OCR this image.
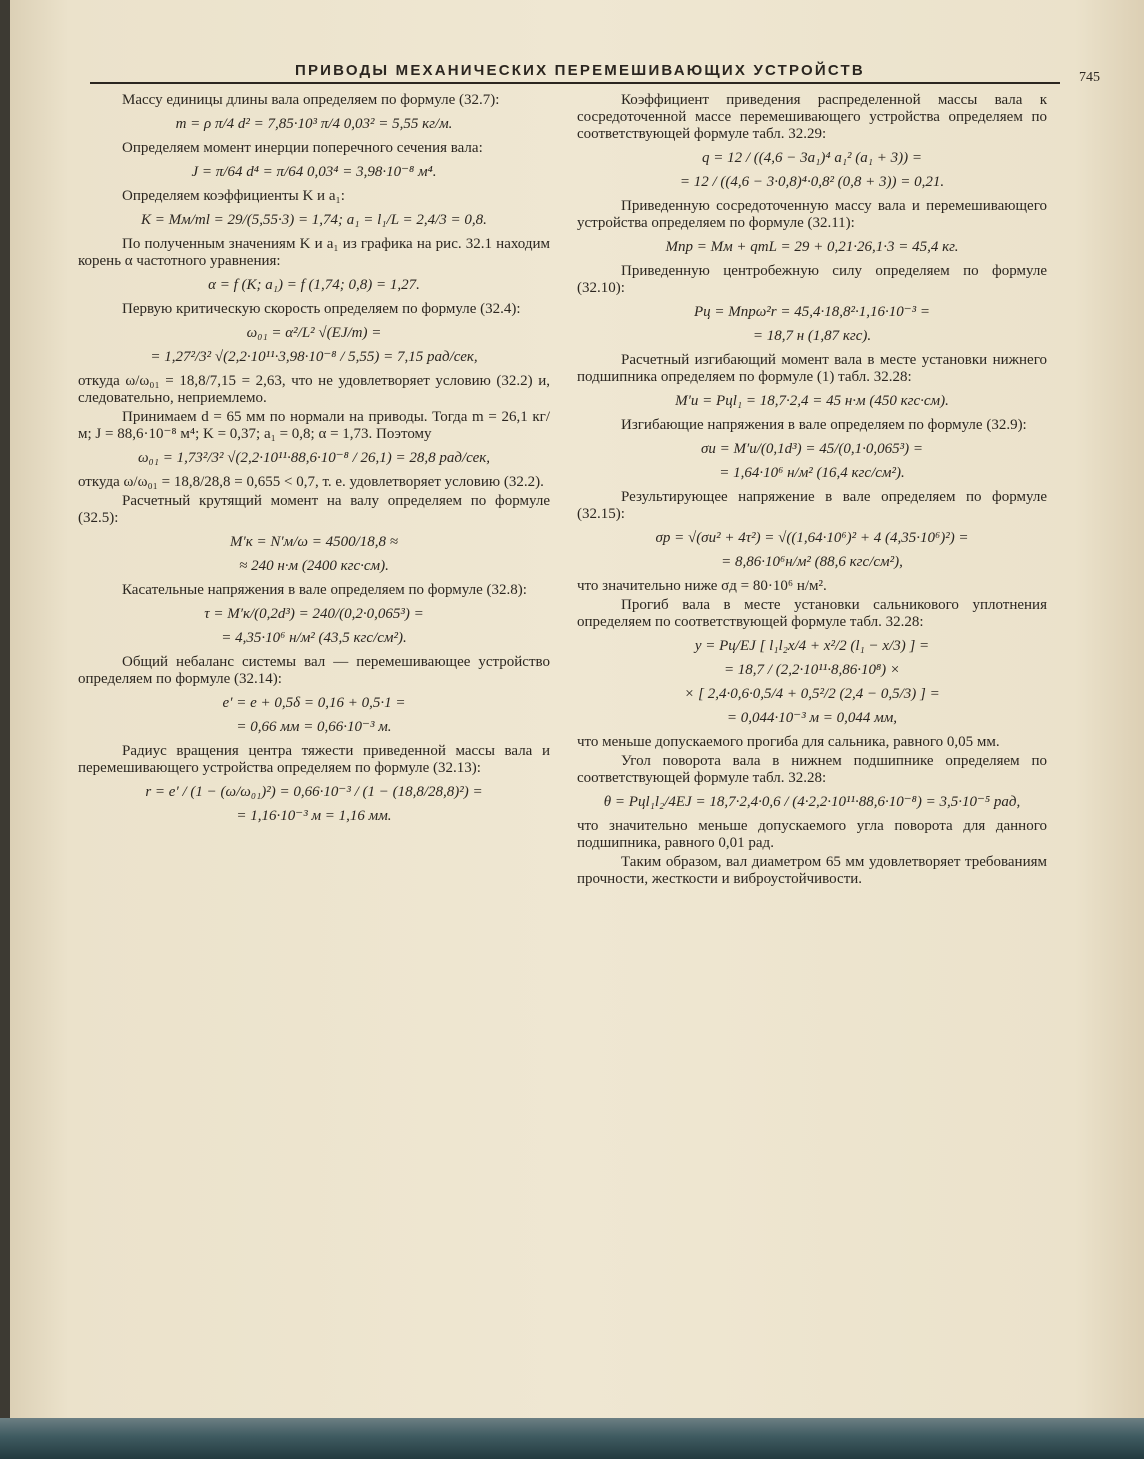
ПРИВОДЫ МЕХАНИЧЕСКИХ ПЕРЕМЕШИВАЮЩИХ УСТРОЙСТВ	745
Массу единицы длины вала определяем по формуле (32.7):
m = ρ π/4 d² = 7,85·10³ π/4 0,03² = 5,55 кг/м.
Определяем момент инерции поперечного сечения вала:
J = π/64 d⁴ = π/64 0,03⁴ = 3,98·10⁻⁸ м⁴.
Определяем коэффициенты K и a₁:
K = Mм/ml = 29/(5,55·3) = 1,74; a₁ = l₁/L = 2,4/3 = 0,8.
По полученным значениям K и a₁ из графика на рис. 32.1 находим корень α частотного уравнения:
α = f (K; a₁) = f (1,74; 0,8) = 1,27.
Первую критическую скорость определяем по формуле (32.4):
ω₀₁ = α²/L² √(EJ/m) =
= 1,27²/3² √(2,2·10¹¹·3,98·10⁻⁸ / 5,55) = 7,15 рад/сек,
откуда ω/ω₀₁ = 18,8/7,15 = 2,63, что не удовлетворяет условию (32.2) и, следовательно, неприемлемо.
Принимаем d = 65 мм по нормали на приводы. Тогда m = 26,1 кг/м; J = 88,6·10⁻⁸ м⁴; K = 0,37; a₁ = 0,8; α = 1,73. Поэтому
ω₀₁ = 1,73²/3² √(2,2·10¹¹·88,6·10⁻⁸ / 26,1) = 28,8 рад/сек,
откуда ω/ω₀₁ = 18,8/28,8 = 0,655 < 0,7, т. е. удовлетворяет условию (32.2).
Расчетный крутящий момент на валу определяем по формуле (32.5):
M′к = N′м/ω = 4500/18,8 ≈
≈ 240 н·м (2400 кгс·см).
Касательные напряжения в вале определяем по формуле (32.8):
τ = M′к/(0,2d³) = 240/(0,2·0,065³) =
= 4,35·10⁶ н/м² (43,5 кгс/см²).
Общий небаланс системы вал — перемешивающее устройство определяем по формуле (32.14):
e′ = e + 0,5δ = 0,16 + 0,5·1 =
= 0,66 мм = 0,66·10⁻³ м.
Радиус вращения центра тяжести приведенной массы вала и перемешивающего устройства определяем по формуле (32.13):
r = e′ / (1 − (ω/ω₀₁)²) = 0,66·10⁻³ / (1 − (18,8/28,8)²) =
= 1,16·10⁻³ м = 1,16 мм.
Коэффициент приведения распределенной массы вала к сосредоточенной массе перемешивающего устройства определяем по соответствующей формуле табл. 32.29:
q = 12 / ((4,6 − 3a₁)⁴ a₁² (a₁ + 3)) =
= 12 / ((4,6 − 3·0,8)⁴·0,8² (0,8 + 3)) = 0,21.
Приведенную сосредоточенную массу вала и перемешивающего устройства определяем по формуле (32.11):
Mпр = Mм + qmL = 29 + 0,21·26,1·3 = 45,4 кг.
Приведенную центробежную силу определяем по формуле (32.10):
Pц = Mпрω²r = 45,4·18,8²·1,16·10⁻³ =
= 18,7 н (1,87 кгс).
Расчетный изгибающий момент вала в месте установки нижнего подшипника определяем по формуле (1) табл. 32.28:
M′и = Pцl₁ = 18,7·2,4 = 45 н·м (450 кгс·см).
Изгибающие напряжения в вале определяем по формуле (32.9):
σи = M′и/(0,1d³) = 45/(0,1·0,065³) =
= 1,64·10⁶ н/м² (16,4 кгс/см²).
Результирующее напряжение в вале определяем по формуле (32.15):
σр = √(σи² + 4τ²) = √((1,64·10⁶)² + 4 (4,35·10⁶)²) =
= 8,86·10⁶н/м² (88,6 кгс/см²),
что значительно ниже σд = 80·10⁶ н/м².
Прогиб вала в месте установки сальникового уплотнения определяем по соответствующей формуле табл. 32.28:
y = Pц/EJ [ l₁l₂x/4 + x²/2 (l₁ − x/3) ] =
= 18,7 / (2,2·10¹¹·8,86·10⁸) ×
× [ 2,4·0,6·0,5/4 + 0,5²/2 (2,4 − 0,5/3) ] =
= 0,044·10⁻³ м = 0,044 мм,
что меньше допускаемого прогиба для сальника, равного 0,05 мм.
Угол поворота вала в нижнем подшипнике определяем по соответствующей формуле табл. 32.28:
θ = Pцl₁l₂/4EJ = 18,7·2,4·0,6 / (4·2,2·10¹¹·88,6·10⁻⁸) = 3,5·10⁻⁵ рад,
что значительно меньше допускаемого угла поворота для данного подшипника, равного 0,01 рад.
Таким образом, вал диаметром 65 мм удовлетворяет требованиям прочности, жесткости и виброустойчивости.
